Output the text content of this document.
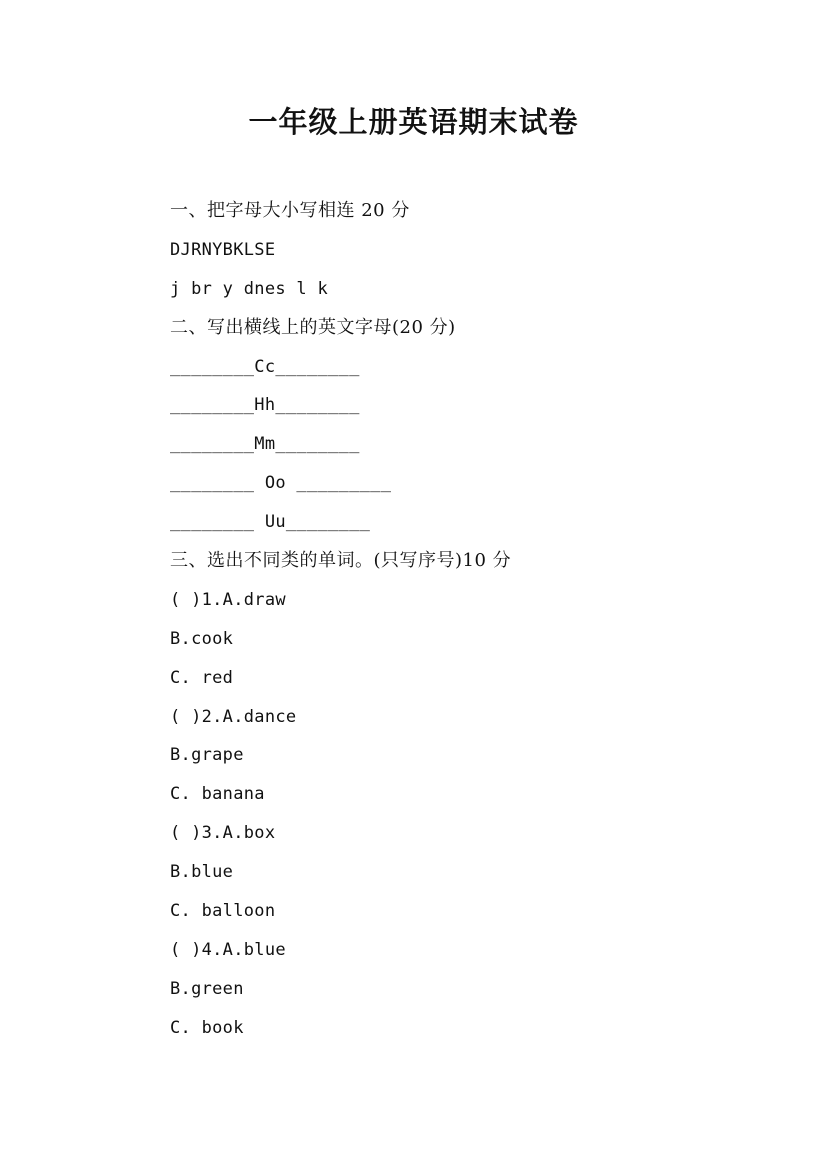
一年级上册英语期末试卷
一、把字母大小写相连 20 分
DJRNYBKLSE
j br y dnes l k
二、写出横线上的英文字母(20 分)
________Cc________
________Hh________
________Mm________
________ Oo _________
________ Uu________
三、选出不同类的单词。(只写序号)10 分
( )1.A.draw
B.cook
C. red
( )2.A.dance
B.grape
C. banana
( )3.A.box
B.blue
C. balloon
( )4.A.blue
B.green
C. book
